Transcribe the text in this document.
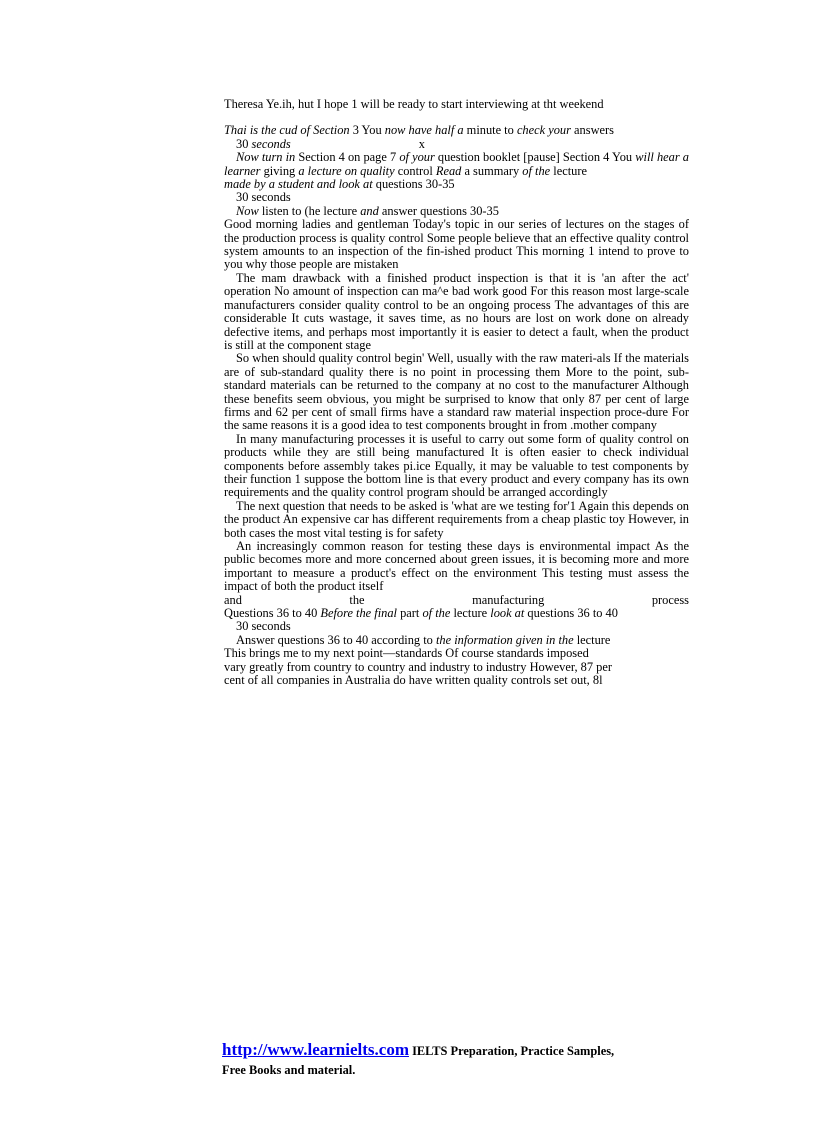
Theresa Ye.ih, hut I hope 1 will be ready to start interviewing at tht weekend
Thai is the cud of Section 3 You now have half a minute to check your answers
30 seconds	x
Now turn in Section 4 on page 7 of your question booklet [pause] Section 4 You will hear a learner giving a lecture on quality control Read a summary of the lecture
made by a student and look at questions 30-35
30 seconds
Now listen to (he lecture and answer questions 30-35
Good morning ladies and gentleman Today's topic in our series of lectures on the stages of the production process is quality control Some people believe that an effective quality control system amounts to an inspection of the fin-ished product This morning 1 intend to prove to you why those people are mistaken
The mam drawback with a finished product inspection is that it is 'an after the act' operation No amount of inspection can ma^e bad work good For this reason most large-scale manufacturers consider quality control to be an ongoing process The advantages of this are considerable It cuts wastage, it saves time, as no hours are lost on work done on already defective items, and perhaps most importantly it is easier to detect a fault, when the product is still at the component stage
So when should quality control begin' Well, usually with the raw materi-als If the materials are of sub-standard quality there is no point in processing them More to the point, sub-standard materials can be returned to the company at no cost to the manufacturer Although these benefits seem obvious, you might be surprised to know that only 87 per cent of large firms and 62 per cent of small firms have a standard raw material inspection proce-dure For the same reasons it is a good idea to test components brought in from .mother company
In many manufacturing processes it is useful to carry out some form of quality control on products while they are still being manufactured It is often easier to check individual components before assembly takes pi.ice Equally, it may be valuable to test components by their function 1 suppose the bottom line is that every product and every company has its own requirements and the quality control program should be arranged accordingly
The next question that needs to be asked is 'what are we testing for'1 Again this depends on the product An expensive car has different requirements from a cheap plastic toy However, in both cases the most vital testing is for safety
An increasingly common reason for testing these days is environmental impact As the public becomes more and more concerned about green issues, it is becoming more and more important to measure a product's effect on the environment This testing must assess the impact of both the product itself
and the manufacturing process
Questions 36 to 40 Before the final part of the lecture look at questions 36 to 40
30 seconds
Answer questions 36 to 40 according to the information given in the lecture
This brings me to my next point—standards Of course standards imposed
vary greatly from country to country and industry to industry However, 87 per
cent of all companies in Australia do have written quality controls set out, 8l
http://www.learnielts.com IELTS Preparation, Practice Samples,
Free Books and material.
